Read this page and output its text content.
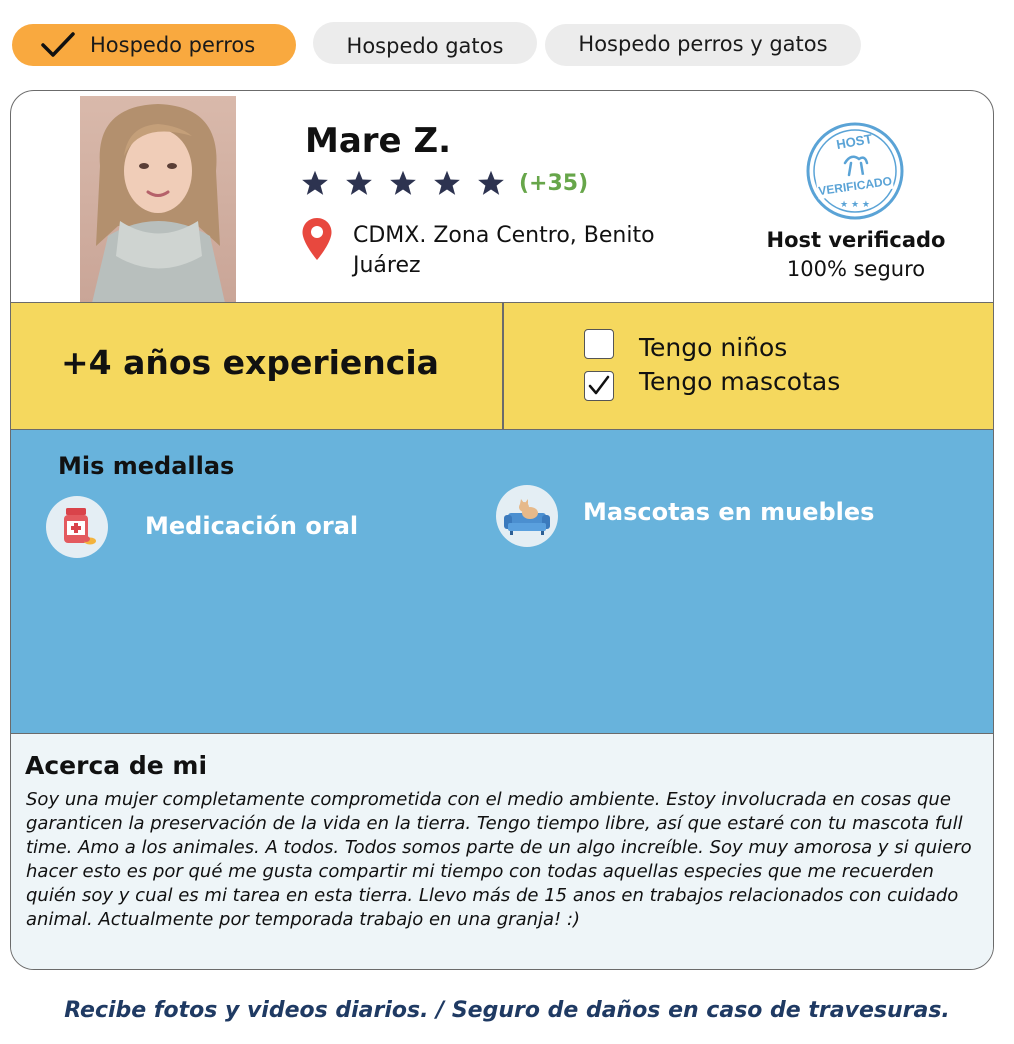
Hospedo perros	Hospedo gatos	Hospedo perros y gatos
Mare Z.
(+35)
CDMX. Zona Centro, Benito Juárez
HOST
VERIFICADO
★ ★ ★
Host verificado
100% seguro
+4 años experiencia	Tengo niños
Tengo mascotas
Mis medallas
Medicación oral	Mascotas en muebles
Acerca de mi
Soy una mujer completamente comprometida con el medio ambiente. Estoy involucrada en cosas que garanticen la preservación de la vida en la tierra. Tengo tiempo libre, así que estaré con tu mascota full time. Amo a los animales. A todos. Todos somos parte de un algo increíble. Soy muy amorosa y si quiero hacer esto es por qué me gusta compartir mi tiempo con todas aquellas especies que me recuerden quién soy y cual es mi tarea en esta tierra. Llevo más de 15 anos en trabajos relacionados con cuidado animal. Actualmente por temporada trabajo en una granja! :)
Recibe fotos y videos diarios. / Seguro de daños en caso de travesuras.
